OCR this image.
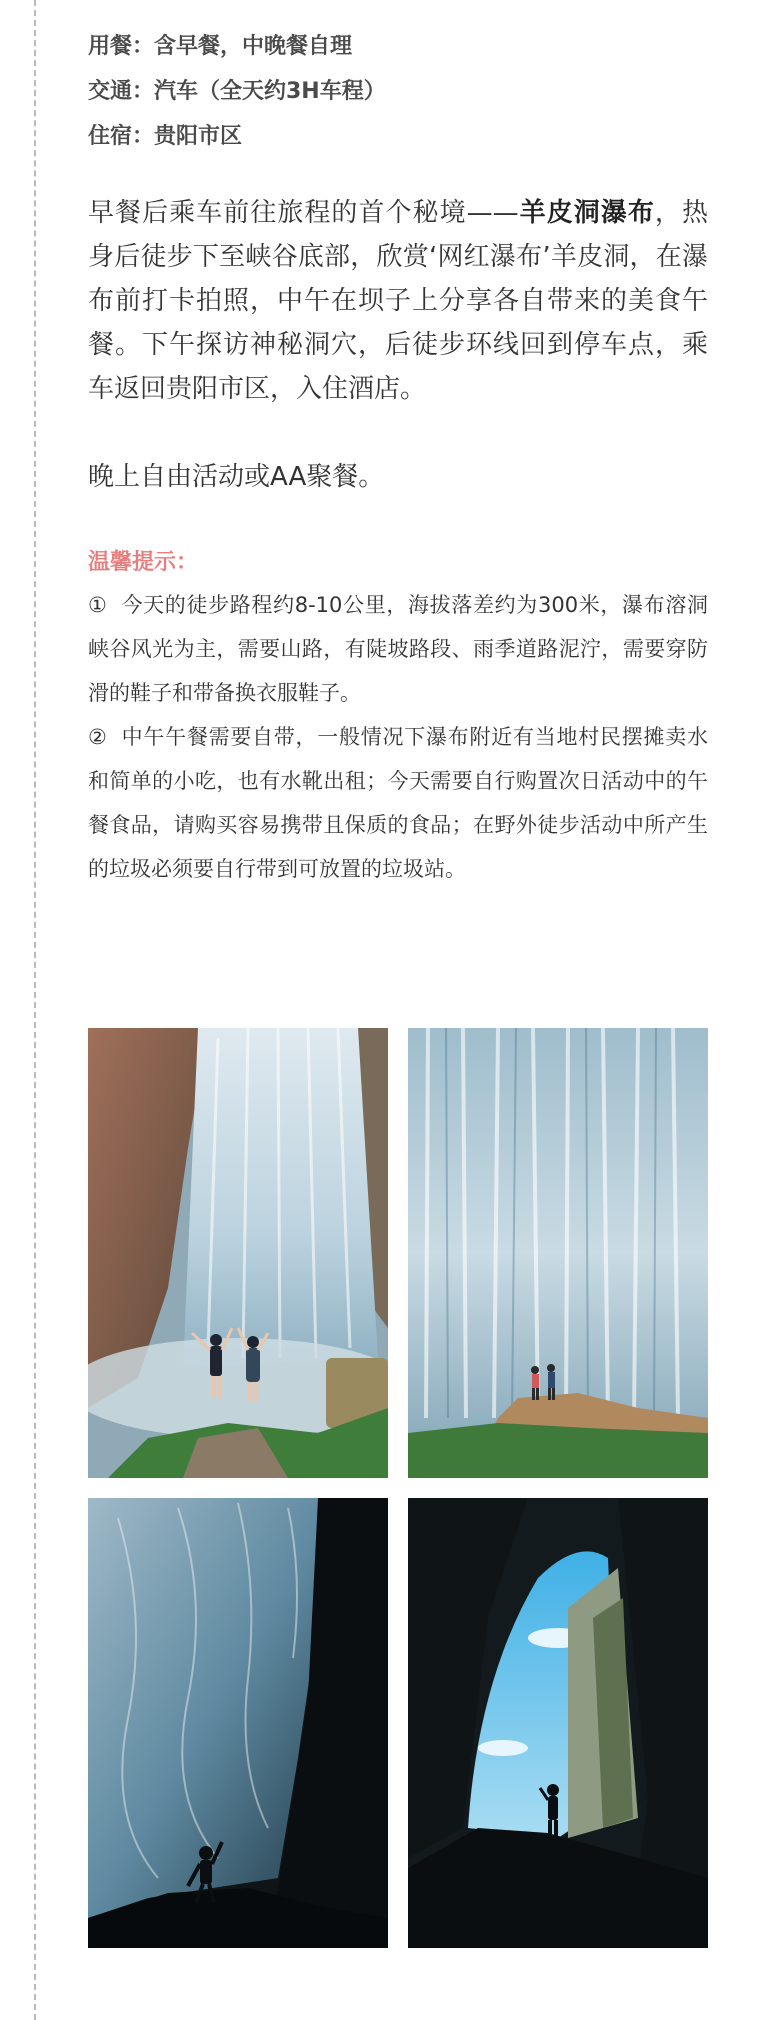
用餐：含早餐，中晚餐自理
交通：汽车（全天约3H车程）
住宿：贵阳市区

早餐后乘车前往旅程的首个秘境——羊皮洞瀑布，热身后徒步下至峡谷底部，欣赏‘网红瀑布’羊皮洞，在瀑布前打卡拍照，中午在坝子上分享各自带来的美食午餐。下午探访神秘洞穴，后徒步环线回到停车点，乘车返回贵阳市区，入住酒店。

晚上自由活动或AA聚餐。

温馨提示：
① 今天的徒步路程约8-10公里，海拔落差约为300米，瀑布溶洞峡谷风光为主，需要山路，有陡坡路段、雨季道路泥泞，需要穿防滑的鞋子和带备换衣服鞋子。
② 中午午餐需要自带，一般情况下瀑布附近有当地村民摆摊卖水和简单的小吃，也有水靴出租；今天需要自行购置次日活动中的午餐食品，请购买容易携带且保质的食品；在野外徒步活动中所产生的垃圾必须要自行带到可放置的垃圾站。
